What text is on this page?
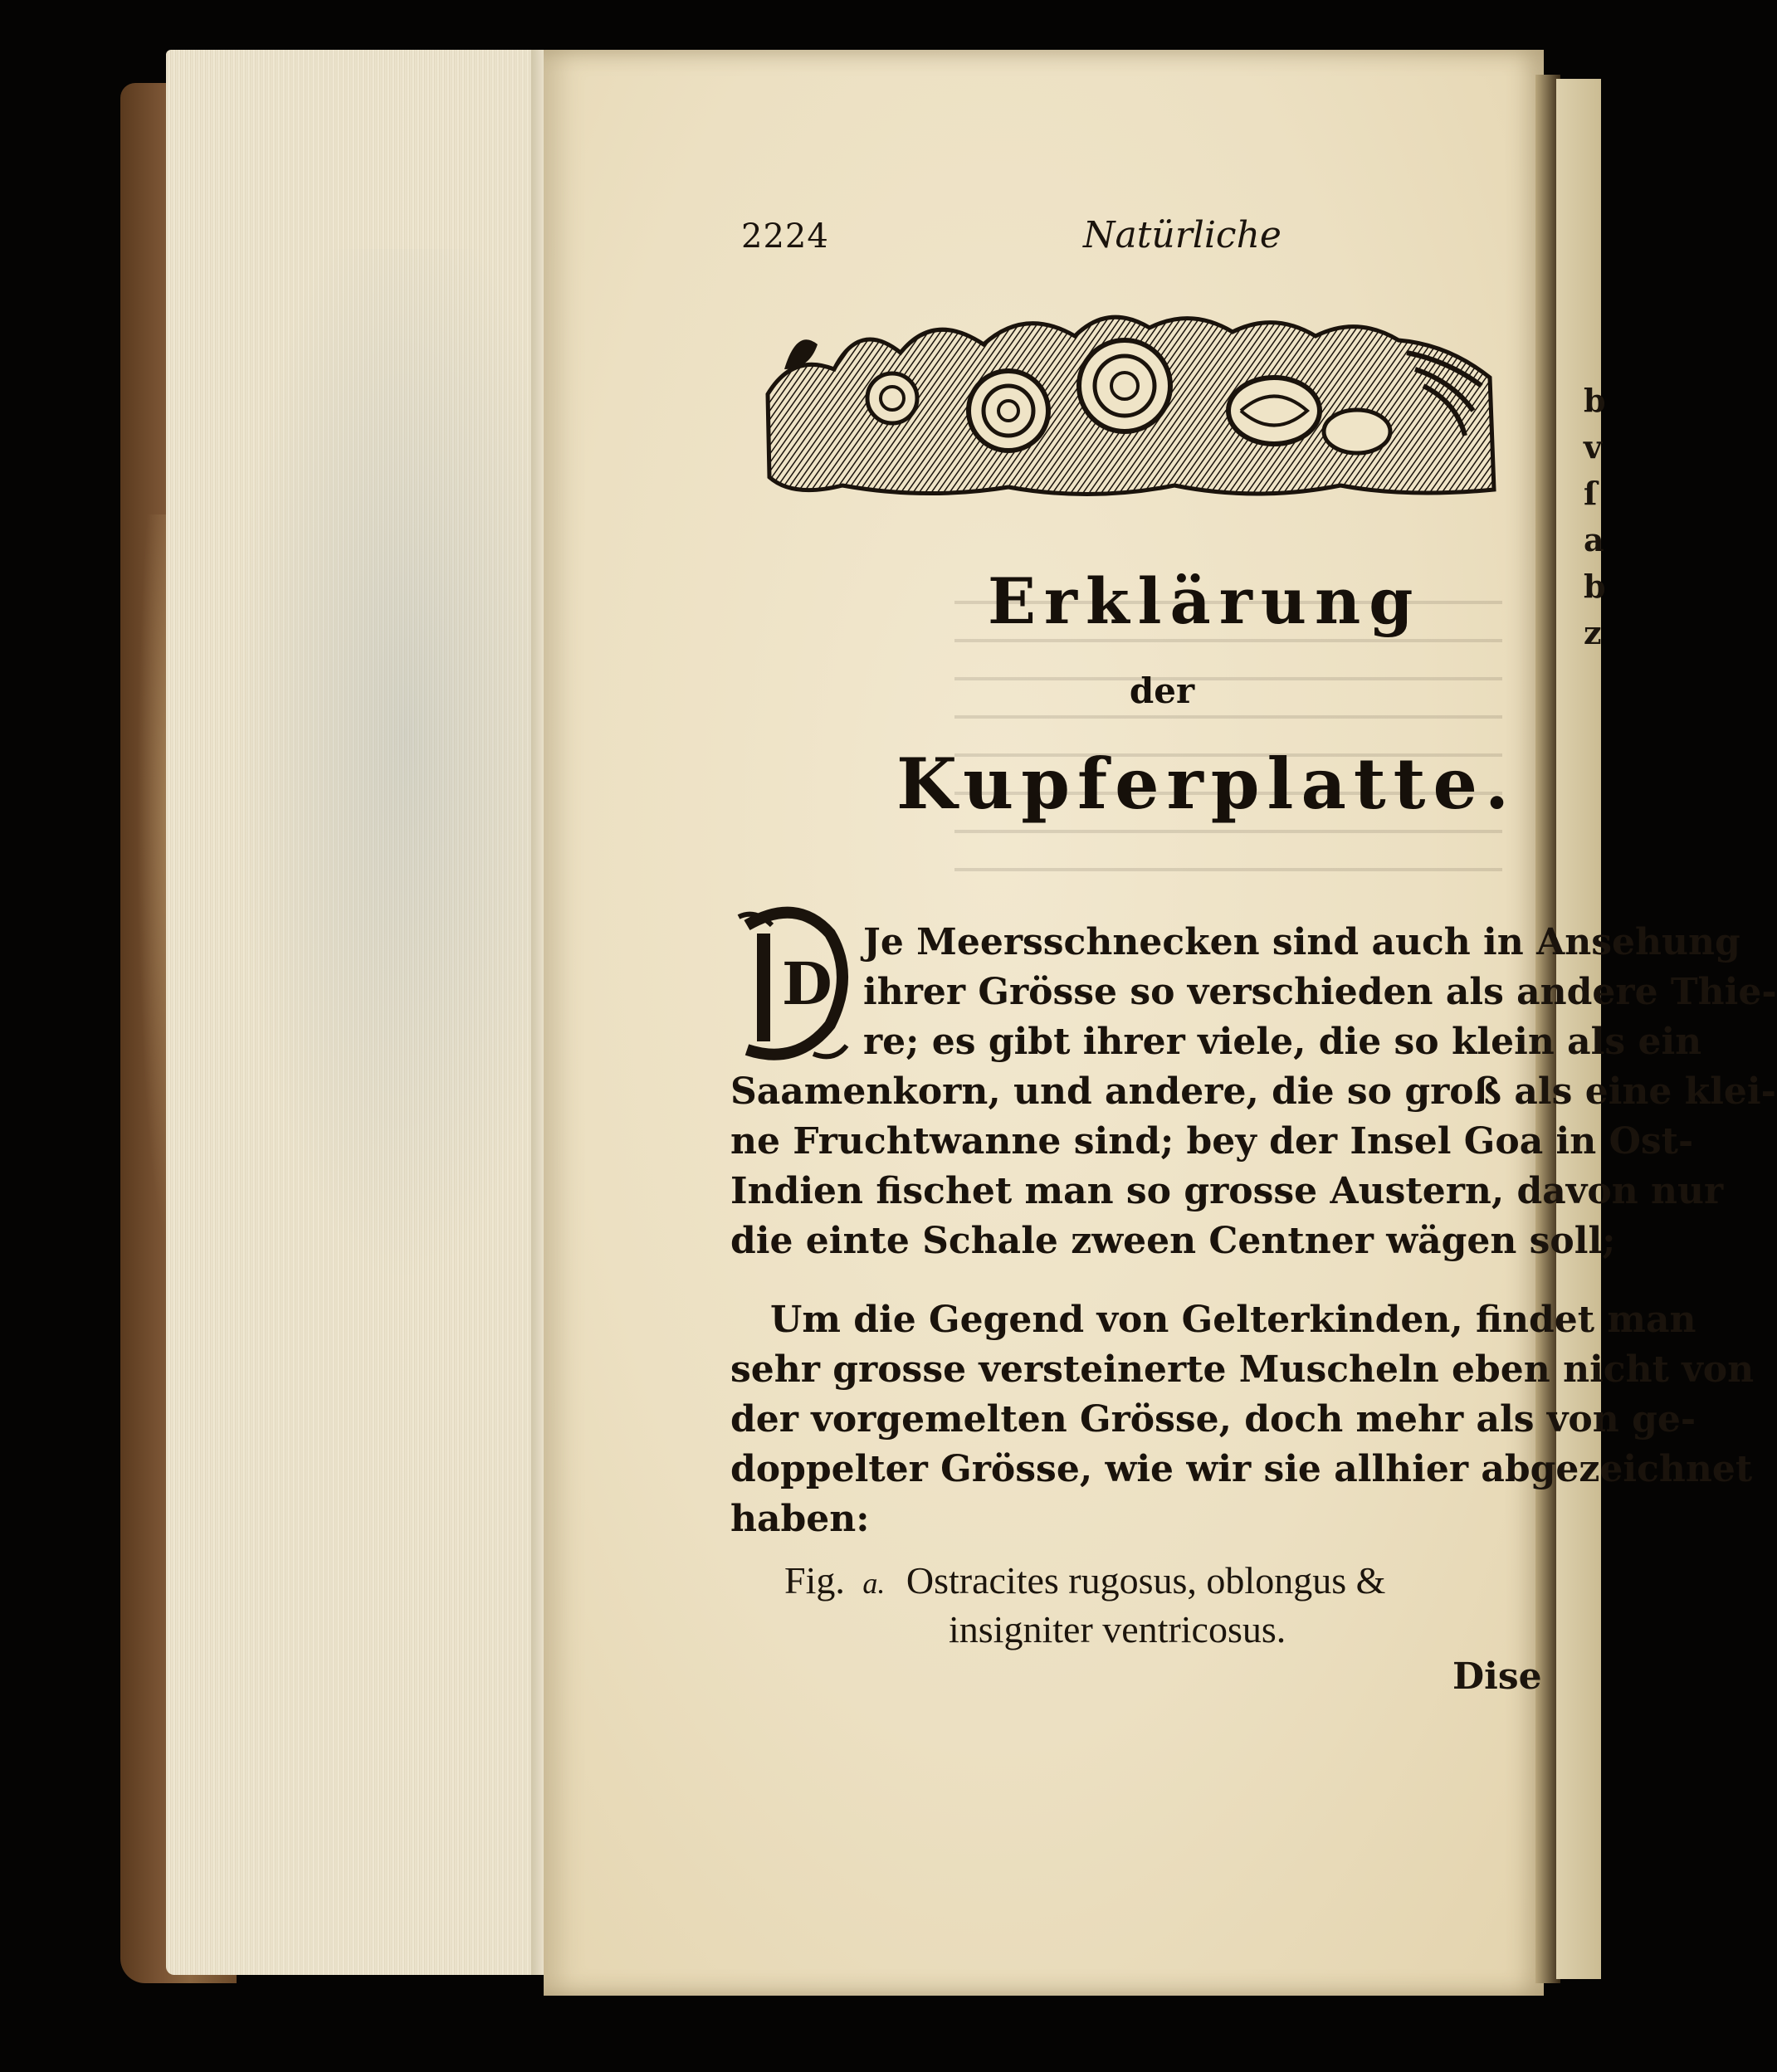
2224	Natürliche
Erklärung
der
Kupferplatte.
D
Je Meersschnecken sind auch in Ansehung
ihrer Grösse so verschieden als andere Thie-
re; es gibt ihrer viele, die so klein als ein
Saamenkorn, und andere, die so groß als eine klei-
ne Fruchtwanne sind; bey der Insel Goa in Ost-
Indien fischet man so grosse Austern, davon nur
die einte Schale zween Centner wägen soll;
Um die Gegend von Gelterkinden, findet man
sehr grosse versteinerte Muscheln eben nicht von
der vorgemelten Grösse, doch mehr als von ge-
doppelter Grösse, wie wir sie allhier abgezeichnet
haben:
Fig. a. Ostracites rugosus, oblongus &
insigniter ventricosus.
Dise
b
v
ſ
a
b
z
